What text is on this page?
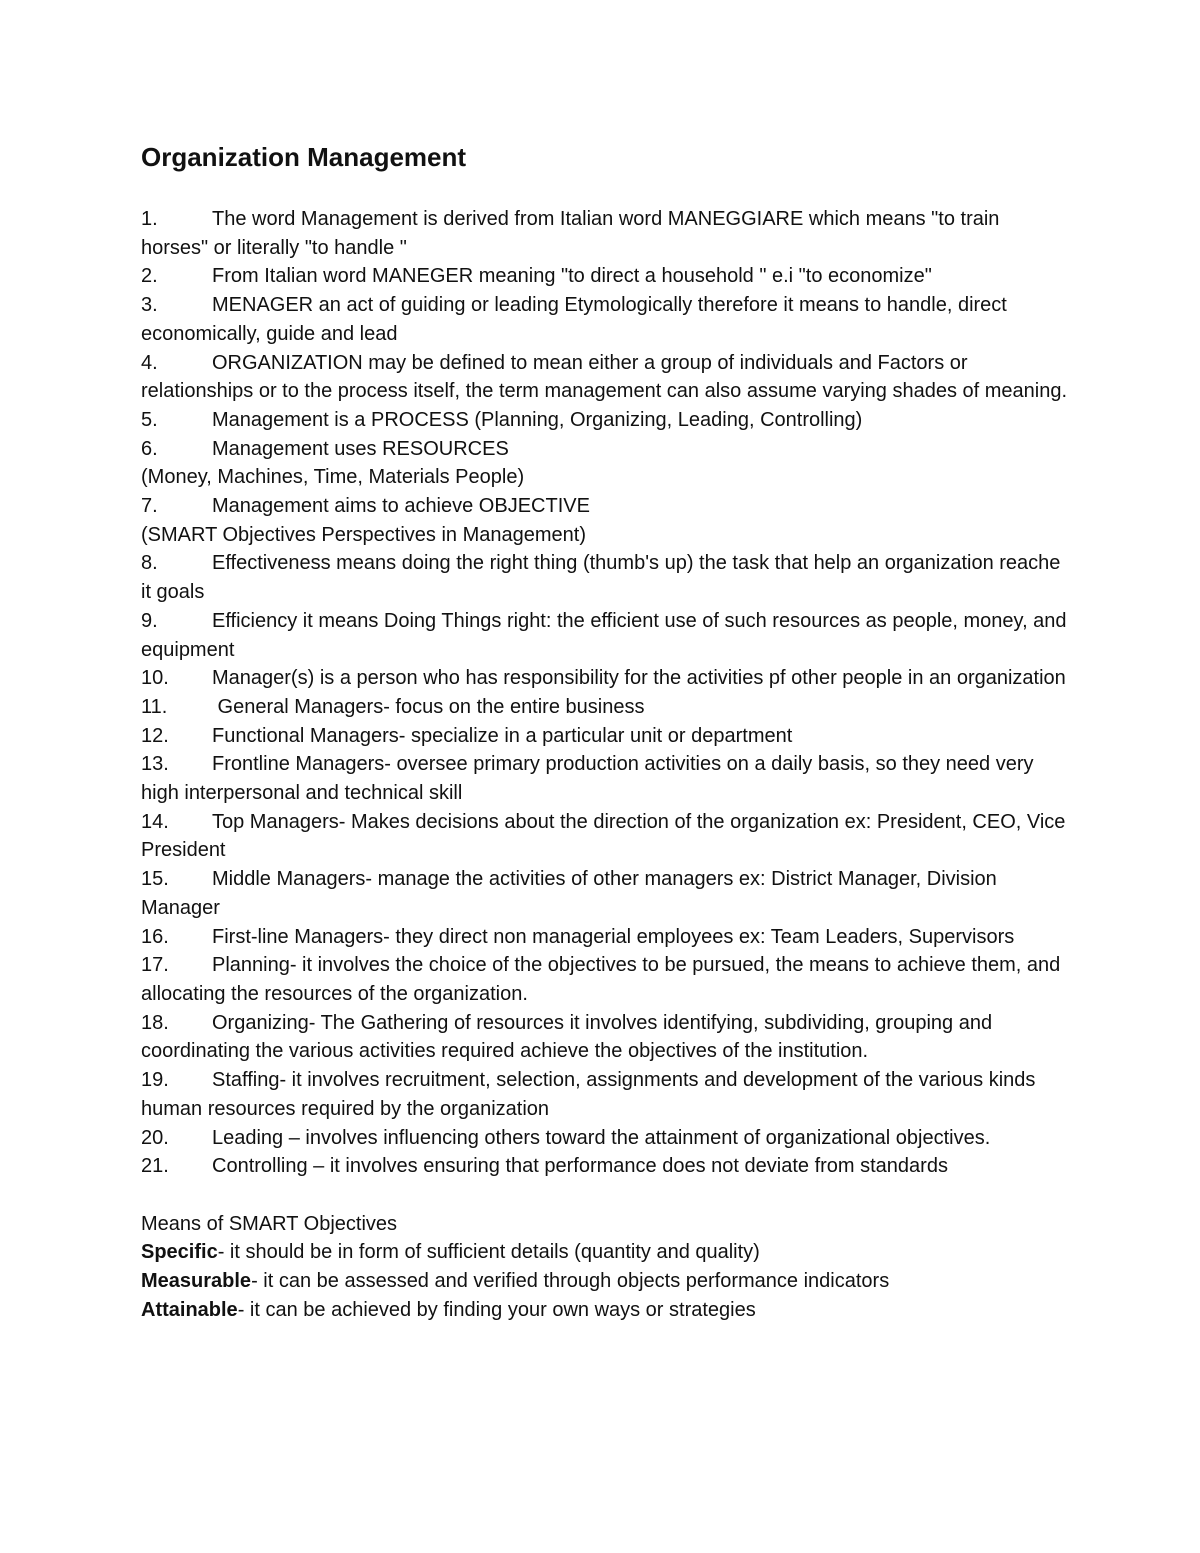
Organization Management
1.	The word Management is derived from Italian word MANEGGIARE which means "to train horses" or literally "to handle "
2.	From Italian word MANEGER meaning "to direct a household " e.i "to economize"
3.	MENAGER an act of guiding or leading Etymologically therefore it means to handle, direct economically, guide and lead
4.	ORGANIZATION may be defined to mean either a group of individuals and Factors or relationships or to the process itself, the term management can also assume varying shades of meaning.
5.	Management is a PROCESS (Planning, Organizing, Leading, Controlling)
6.	Management uses RESOURCES
(Money, Machines, Time, Materials People)
7.	Management aims to achieve OBJECTIVE
(SMART Objectives Perspectives in Management)
8.	Effectiveness means doing the right thing (thumb's up) the task that help an organization reache it goals
9.	Efficiency it means Doing Things right: the efficient use of such resources as people, money, and equipment
10. Manager(s) is a person who has responsibility for the activities pf other people in an organization
11. General Managers- focus on the entire business
12. Functional Managers- specialize in a particular unit or department
13. Frontline Managers- oversee primary production activities on a daily basis, so they need very high interpersonal and technical skill
14. Top Managers- Makes decisions about the direction of the organization ex: President, CEO, Vice President
15. Middle Managers- manage the activities of other managers ex: District Manager, Division Manager
16. First-line Managers- they direct non managerial employees ex: Team Leaders, Supervisors
17. Planning- it involves the choice of the objectives to be pursued, the means to achieve them, and allocating the resources of the organization.
18. Organizing- The Gathering of resources it involves identifying, subdividing, grouping and coordinating the various activities required achieve the objectives of the institution.
19. Staffing- it involves recruitment, selection, assignments and development of the various kinds human resources required by the organization
20. Leading – involves influencing others toward the attainment of organizational objectives.
21. Controlling – it involves ensuring that performance does not deviate from standards
Means of SMART Objectives
Specific- it should be in form of sufficient details (quantity and quality)
Measurable- it can be assessed and verified through objects performance indicators
Attainable- it can be achieved by finding your own ways or strategies
